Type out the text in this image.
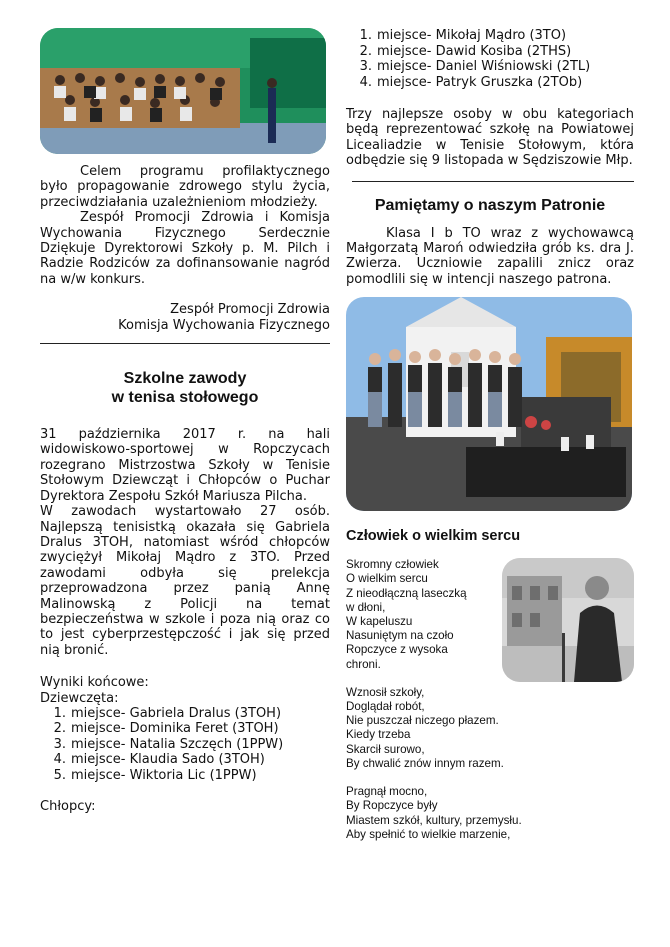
Celem programu profilaktycznego było propagowanie zdrowego stylu życia, przeciwdziałania uzależnieniom młodzieży.

Zespół Promocji Zdrowia i Komisja Wychowania Fizycznego Serdecznie Dziękuje Dyrektorowi Szkoły p. M. Pilch i Radzie Rodziców za dofinansowanie nagród na w/w konkurs.

Zespół Promocji Zdrowia

Komisja Wychowania Fizycznego

Szkolne zawody
w tenisa stołowego

31 października 2017 r. na hali widowiskowo-sportowej w Ropczycach rozegrano Mistrzostwa Szkoły w Tenisie Stołowym Dziewcząt i Chłopców o Puchar Dyrektora Zespołu Szkół Mariusza Pilcha.

W zawodach wystartowało 27 osób. Najlepszą tenisistką okazała się Gabriela Dralus 3TOH, natomiast wśród chłopców zwyciężył Mikołaj Mądro z 3TO. Przed zawodami odbyła się prelekcja przeprowadzona przez panią Annę Malinowską z Policji na temat bezpieczeństwa w szkole i poza nią oraz co to jest cyberprzestępczość i jak się przed nią bronić.

Wyniki końcowe:

Dziewczęta:

1. miejsce- Gabriela Dralus (3TOH)
2. miejsce- Dominika Feret (3TOH)
3. miejsce- Natalia Szczęch (1PPW)
4. miejsce- Klaudia Sado (3TOH)
5. miejsce- Wiktoria Lic (1PPW)

Chłopcy:

1. miejsce- Mikołaj Mądro (3TO)
2. miejsce- Dawid Kosiba (2THS)
3. miejsce- Daniel Wiśniowski (2TL)
4. miejsce- Patryk Gruszka (2TOb)

Trzy najlepsze osoby w obu kategoriach będą reprezentować szkołę na Powiatowej Licealiadzie w Tenisie Stołowym, która odbędzie się 9 listopada w Sędziszowie Młp.

Pamiętamy o naszym Patronie

Klasa I b TO wraz z wychowawcą Małgorzatą Maroń odwiedziła grób ks. dra J. Zwierza. Uczniowie zapalili znicz oraz pomodlili się w intencji naszego patrona.

Człowiek o wielkim sercu
Skromny człowiek
O wielkim sercu
Z nieodłączną laseczką
w dłoni,
W kapeluszu
Nasuniętym na czoło
Ropczyce z wysoka
chroni.
Wznosił szkoły,
Doglądał robót,
Nie puszczał niczego płazem.
Kiedy trzeba
Skarcił surowo,
By chwalić znów innym razem.
Pragnął mocno,
By Ropczyce były
Miastem szkół, kultury, przemysłu.
Aby spełnić to wielkie marzenie,
